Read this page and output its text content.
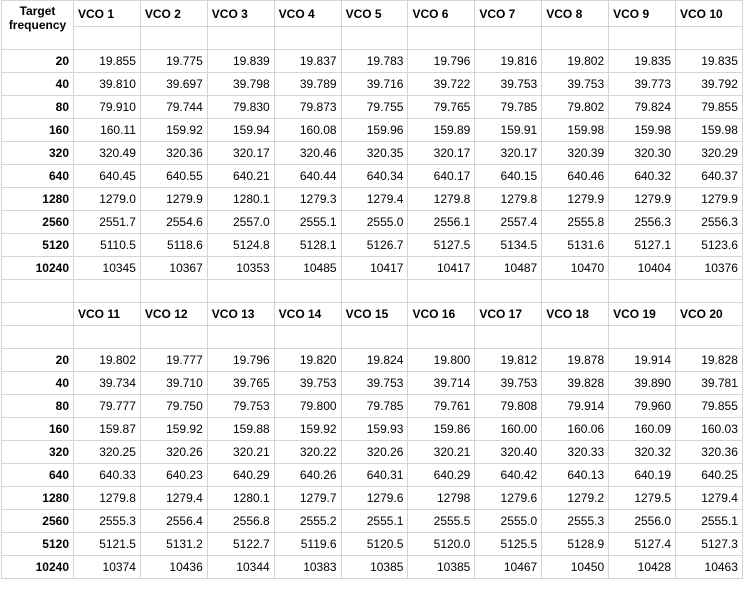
Target
frequency	VCO 1	VCO 2	VCO 3	VCO 4	VCO 5	VCO 6	VCO 7	VCO 8	VCO 9	VCO 10

20	19.855	19.775	19.839	19.837	19.783	19.796	19.816	19.802	19.835	19.835
40	39.810	39.697	39.798	39.789	39.716	39.722	39.753	39.753	39.773	39.792
80	79.910	79.744	79.830	79.873	79.755	79.765	79.785	79.802	79.824	79.855
160	160.11	159.92	159.94	160.08	159.96	159.89	159.91	159.98	159.98	159.98
320	320.49	320.36	320.17	320.46	320.35	320.17	320.17	320.39	320.30	320.29
640	640.45	640.55	640.21	640.44	640.34	640.17	640.15	640.46	640.32	640.37
1280	1279.0	1279.9	1280.1	1279.3	1279.4	1279.8	1279.8	1279.9	1279.9	1279.9
2560	2551.7	2554.6	2557.0	2555.1	2555.0	2556.1	2557.4	2555.8	2556.3	2556.3
5120	5110.5	5118.6	5124.8	5128.1	5126.7	5127.5	5134.5	5131.6	5127.1	5123.6
10240	10345	10367	10353	10485	10417	10417	10487	10470	10404	10376

	VCO 11	VCO 12	VCO 13	VCO 14	VCO 15	VCO 16	VCO 17	VCO 18	VCO 19	VCO 20

20	19.802	19.777	19.796	19.820	19.824	19.800	19.812	19.878	19.914	19.828
40	39.734	39.710	39.765	39.753	39.753	39.714	39.753	39.828	39.890	39.781
80	79.777	79.750	79.753	79.800	79.785	79.761	79.808	79.914	79.960	79.855
160	159.87	159.92	159.88	159.92	159.93	159.86	160.00	160.06	160.09	160.03
320	320.25	320.26	320.21	320.22	320.26	320.21	320.40	320.33	320.32	320.36
640	640.33	640.23	640.29	640.26	640.31	640.29	640.42	640.13	640.19	640.25
1280	1279.8	1279.4	1280.1	1279.7	1279.6	12798	1279.6	1279.2	1279.5	1279.4
2560	2555.3	2556.4	2556.8	2555.2	2555.1	2555.5	2555.0	2555.3	2556.0	2555.1
5120	5121.5	5131.2	5122.7	5119.6	5120.5	5120.0	5125.5	5128.9	5127.4	5127.3
10240	10374	10436	10344	10383	10385	10385	10467	10450	10428	10463
